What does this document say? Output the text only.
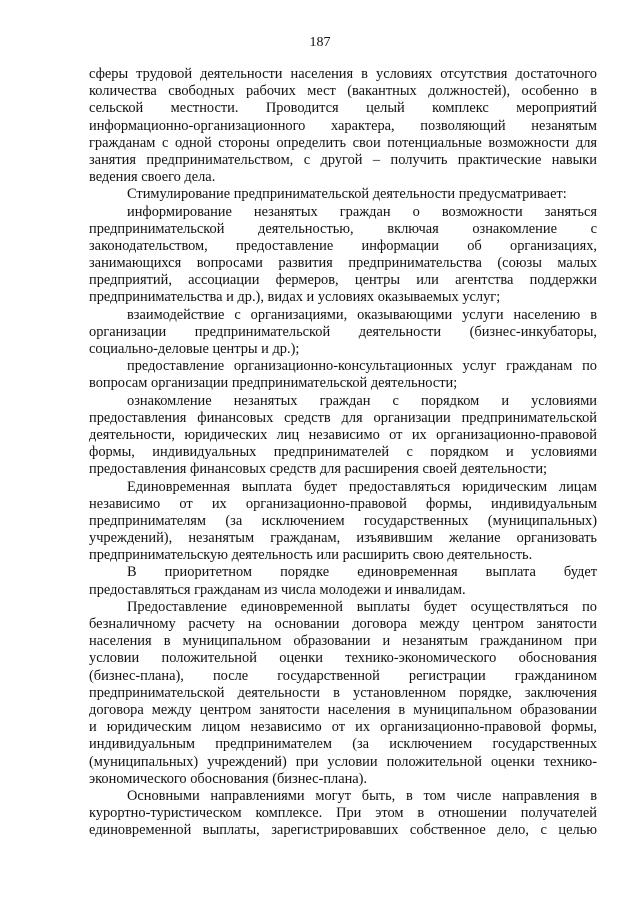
187
сферы трудовой деятельности населения в условиях отсутствия достаточного
количества свободных рабочих мест (вакантных должностей), особенно в
сельской местности. Проводится целый комплекс мероприятий
информационно-организационного характера, позволяющий незанятым
гражданам с одной стороны определить свои потенциальные возможности для
занятия предпринимательством, с другой – получить практические навыки
ведения своего дела.
Стимулирование предпринимательской деятельности предусматривает:
информирование незанятых граждан о возможности заняться
предпринимательской деятельностью, включая ознакомление с
законодательством, предоставление информации об организациях,
занимающихся вопросами развития предпринимательства (союзы малых
предприятий, ассоциации фермеров, центры или агентства поддержки
предпринимательства и др.), видах и условиях оказываемых услуг;
взаимодействие с организациями, оказывающими услуги населению в
организации предпринимательской деятельности (бизнес-инкубаторы,
социально-деловые центры и др.);
предоставление организационно-консультационных услуг гражданам по
вопросам организации предпринимательской деятельности;
ознакомление незанятых граждан с порядком и условиями
предоставления финансовых средств для организации предпринимательской
деятельности, юридических лиц независимо от их организационно-правовой
формы, индивидуальных предпринимателей с порядком и условиями
предоставления финансовых средств для расширения своей деятельности;
Единовременная выплата будет предоставляться юридическим лицам
независимо от их организационно-правовой формы, индивидуальным
предпринимателям (за исключением государственных (муниципальных)
учреждений), незанятым гражданам, изъявившим желание организовать
предпринимательскую деятельность или расширить свою деятельность.
В приоритетном порядке единовременная выплата будет
предоставляться гражданам из числа молодежи и инвалидам.
Предоставление единовременной выплаты будет осуществляться по
безналичному расчету на основании договора между центром занятости
населения в муниципальном образовании и незанятым гражданином при
условии положительной оценки технико-экономического обоснования
(бизнес-плана), после государственной регистрации гражданином
предпринимательской деятельности в установленном порядке, заключения
договора между центром занятости населения в муниципальном образовании
и юридическим лицом независимо от их организационно-правовой формы,
индивидуальным предпринимателем (за исключением государственных
(муниципальных) учреждений) при условии положительной оценки технико-
экономического обоснования (бизнес-плана).
Основными направлениями могут быть, в том числе направления в
курортно-туристическом комплексе. При этом в отношении получателей
единовременной выплаты, зарегистрировавших собственное дело, с целью
